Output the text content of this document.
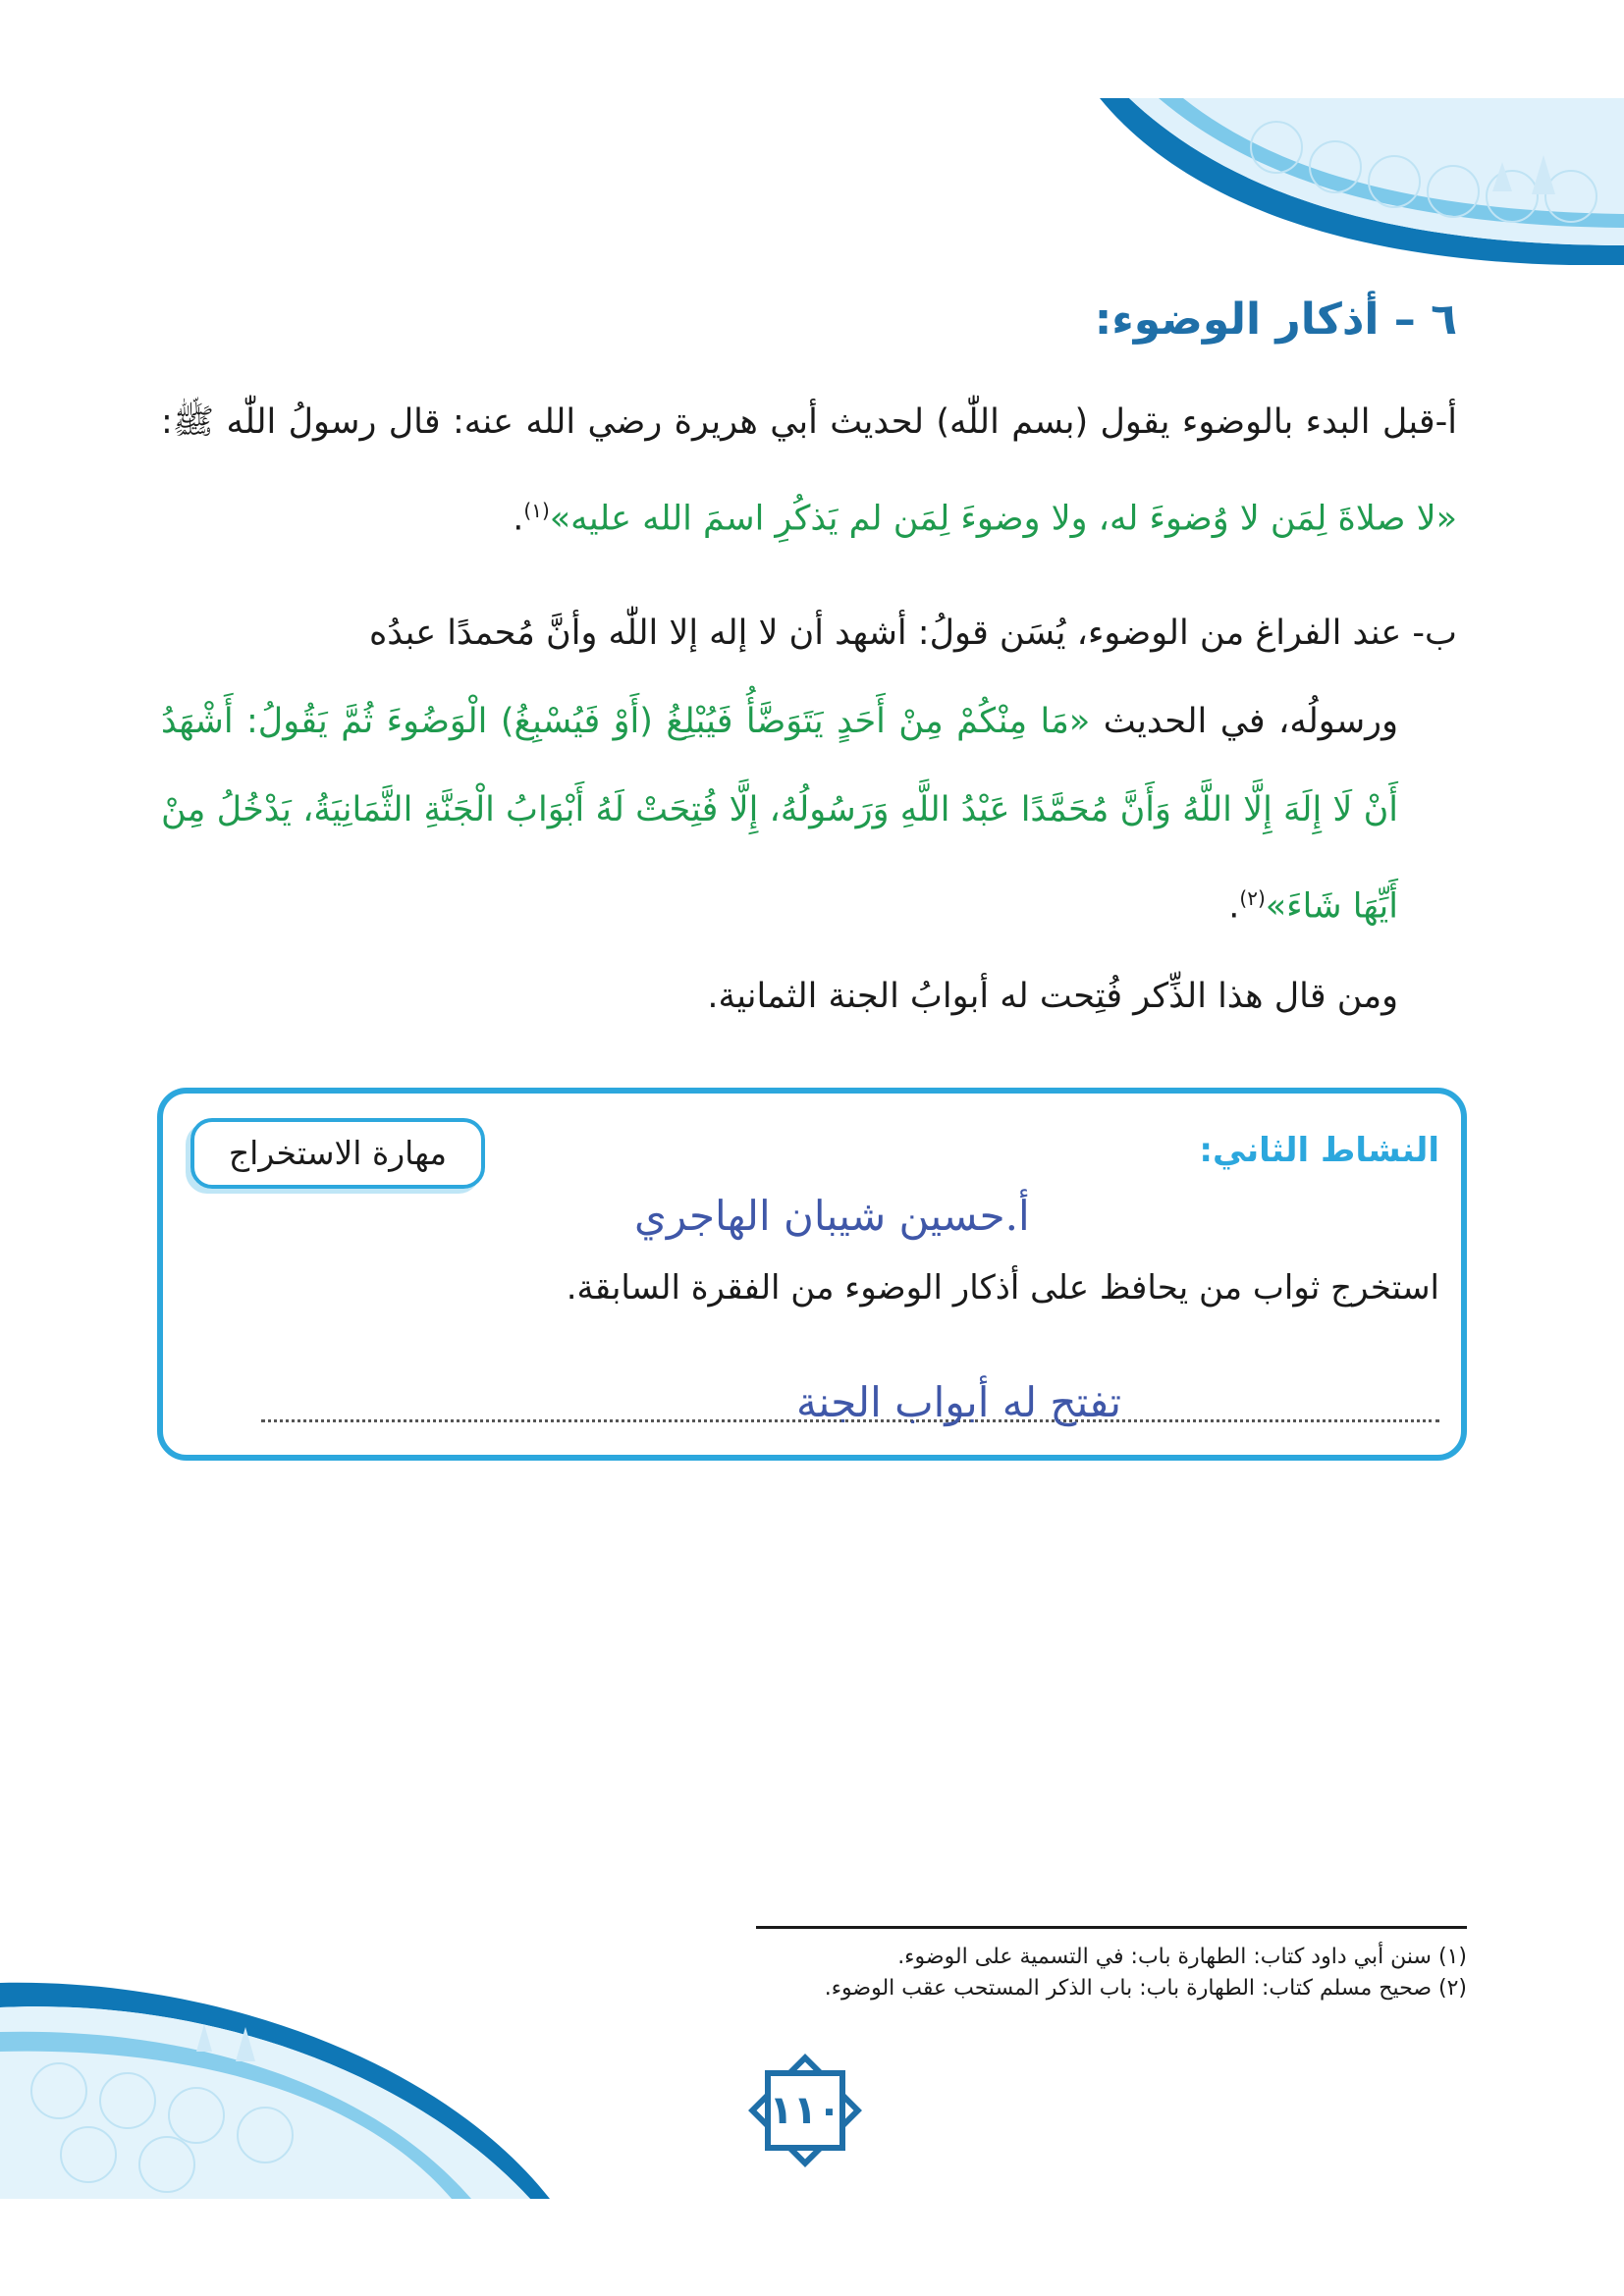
٦ – أذكار الوضوء:
أ-قبل البدء بالوضوء يقول (بسم اللّٰه) لحديث أبي هريرة رضي الله عنه: قال رسولُ اللّٰه ﷺ: «لا صلاةَ لِمَن لا وُضوءَ له، ولا وضوءَ لِمَن لم يَذكُرِ اسمَ الله عليه»$^{(١)}$.
ب- عند الفراغ من الوضوء، يُسَن قولُ: أشهد أن لا إله إلا اللّٰه وأنَّ مُحمدًا عبدُه
ورسولُه، في الحديث «مَا مِنْكُمْ مِنْ أَحَدٍ يَتَوَضَّأُ فَيُبْلِغُ (أَوْ فَيُسْبِغُ) الْوَضُوءَ ثُمَّ يَقُولُ: أَشْهَدُ أَنْ لَا إِلَهَ إِلَّا اللَّهُ وَأَنَّ مُحَمَّدًا عَبْدُ اللَّهِ وَرَسُولُهُ، إِلَّا فُتِحَتْ لَهُ أَبْوَابُ الْجَنَّةِ الثَّمَانِيَةُ، يَدْخُلُ مِنْ أَيِّهَا شَاءَ»$^{(٢)}$.
ومن قال هذا الذِّكر فُتِحت له أبوابُ الجنة الثمانية.
النشاط الثاني:
مهارة الاستخراج
أ.حسين شيبان الهاجري
استخرج ثواب من يحافظ على أذكار الوضوء من الفقرة السابقة.
تفتح له أبواب الجنة
(١) سنن أبي داود كتاب: الطهارة باب: في التسمية على الوضوء.
(٢) صحيح مسلم كتاب: الطهارة باب: باب الذكر المستحب عقب الوضوء.
١١٠
